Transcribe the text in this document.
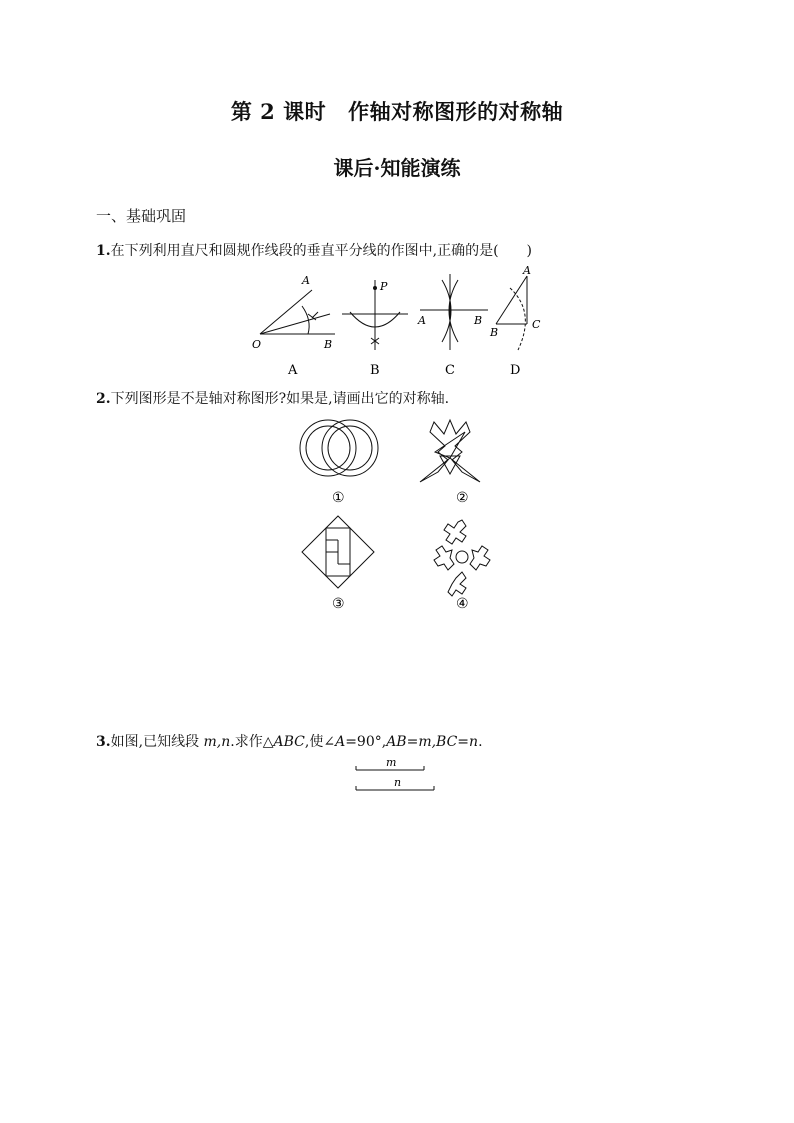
第 2 课时 作轴对称图形的对称轴
课后·知能演练
一、基础巩固
1.在下列利用直尺和圆规作线段的垂直平分线的作图中,正确的是(　　)
A
O	B
P
A	B
A
B
C
A	B	C	D
2.下列图形是不是轴对称图形?如果是,请画出它的对称轴.
①	②
③	④
3.如图,已知线段 m,n.求作△ABC,使∠A=90°,AB=m,BC=n.
m
n
